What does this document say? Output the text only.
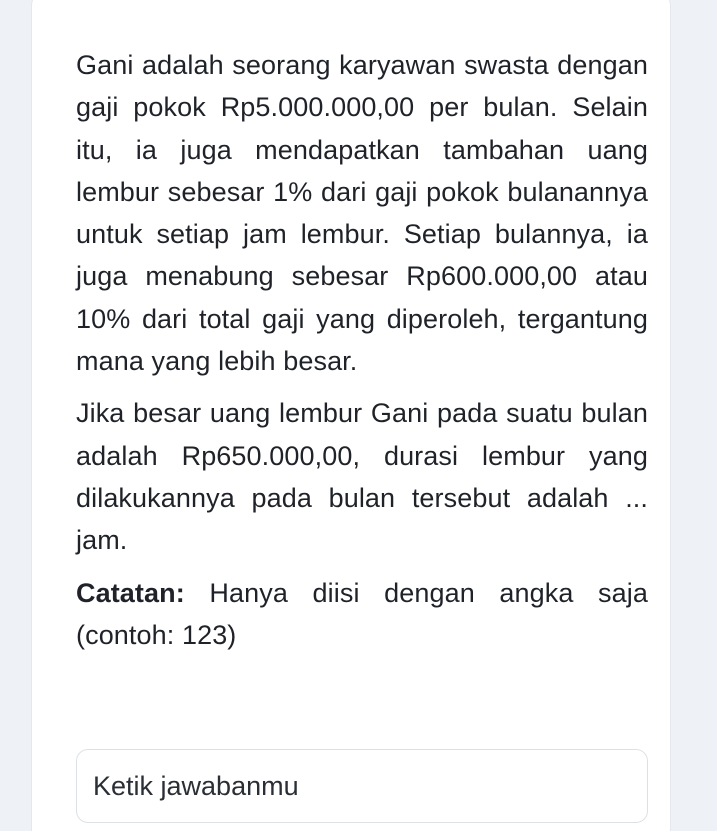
Gani adalah seorang karyawan swasta dengan gaji pokok Rp5.000.000,00 per bulan. Selain itu, ia juga mendapatkan tambahan uang lembur sebesar 1% dari gaji pokok bulanannya untuk setiap jam lembur. Setiap bulannya, ia juga menabung sebesar Rp600.000,00 atau 10% dari total gaji yang diperoleh, tergantung mana yang lebih besar.

Jika besar uang lembur Gani pada suatu bulan adalah Rp650.000,00, durasi lembur yang dilakukannya pada bulan tersebut adalah ... jam.

Catatan: Hanya diisi dengan angka saja (contoh: 123)

Ketik jawabanmu
